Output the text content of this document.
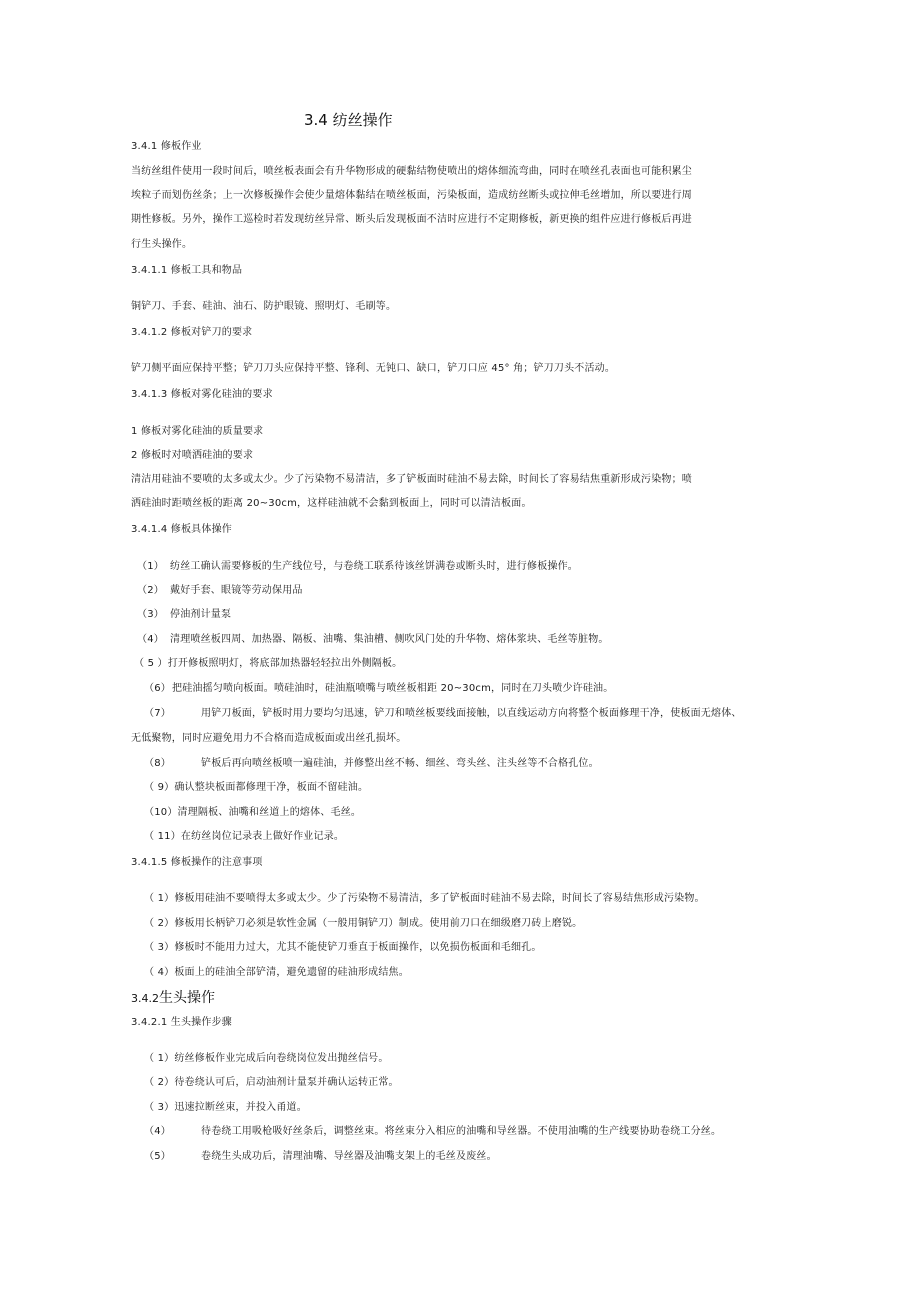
3.4 纺丝操作
3.4.1 修板作业
当纺丝组件使用一段时间后，喷丝板表面会有升华物形成的硬黏结物使喷出的熔体细流弯曲，同时在喷丝孔表面也可能积累尘
埃粒子而划伤丝条；上一次修板操作会使少量熔体黏结在喷丝板面，污染板面，造成纺丝断头或拉伸毛丝增加，所以要进行周
期性修板。另外，操作工巡检时若发现纺丝异常、断头后发现板面不洁时应进行不定期修板，新更换的组件应进行修板后再进
行生头操作。
3.4.1.1 修板工具和物品
铜铲刀、手套、硅油、油石、防护眼镜、照明灯、毛刷等。
3.4.1.2 修板对铲刀的要求
铲刀侧平面应保持平整；铲刀刀头应保持平整、锋利、无钝口、缺口，铲刀口应 45° 角；铲刀刀头不活动。
3.4.1.3 修板对雾化硅油的要求
1 修板对雾化硅油的质量要求
2 修板时对喷洒硅油的要求
清洁用硅油不要喷的太多或太少。少了污染物不易清洁，多了铲板面时硅油不易去除，时间长了容易结焦重新形成污染物；喷
洒硅油时距喷丝板的距离 20~30cm，这样硅油就不会黏到板面上，同时可以清洁板面。
3.4.1.4 修板具体操作
（1） 纺丝工确认需要修板的生产线位号，与卷绕工联系待该丝饼满卷或断头时，进行修板操作。
（2） 戴好手套、眼镜等劳动保用品
（3） 停油剂计量泵
（4） 清理喷丝板四周、加热器、隔板、油嘴、集油槽、侧吹风门处的升华物、熔体浆块、毛丝等脏物。
（ 5 ）打开修板照明灯，将底部加热器轻轻拉出外侧隔板。
（6）把硅油摇匀喷向板面。喷硅油时，硅油瓶喷嘴与喷丝板相距 20~30cm，同时在刀头喷少许硅油。
（7）	用铲刀板面，铲板时用力要均匀迅速，铲刀和喷丝板要线面接触，以直线运动方向将整个板面修理干净，使板面无熔体、
无低聚物，同时应避免用力不合格而造成板面或出丝孔损坏。
（8）	铲板后再向喷丝板喷一遍硅油，并修整出丝不畅、细丝、弯头丝、注头丝等不合格孔位。
（ 9）确认整块板面都修理干净，板面不留硅油。
（10）清理隔板、油嘴和丝道上的熔体、毛丝。
（ 11）在纺丝岗位记录表上做好作业记录。
3.4.1.5 修板操作的注意事项
（ 1）修板用硅油不要喷得太多或太少。少了污染物不易清洁，多了铲板面时硅油不易去除，时间长了容易结焦形成污染物。
（ 2）修板用长柄铲刀必须是软性金属（一般用铜铲刀）制成。使用前刀口在细级磨刀砖上磨锐。
（ 3）修板时不能用力过大，尤其不能使铲刀垂直于板面操作，以免损伤板面和毛细孔。
（ 4）板面上的硅油全部铲清，避免遗留的硅油形成结焦。
3.4.2生头操作
3.4.2.1 生头操作步骤
（ 1）纺丝修板作业完成后向卷绕岗位发出抛丝信号。
（ 2）待卷绕认可后，启动油剂计量泵并确认运转正常。
（ 3）迅速拉断丝束，并投入甬道。
（4）	待卷绕工用吸枪吸好丝条后，调整丝束。将丝束分入相应的油嘴和导丝器。不使用油嘴的生产线要协助卷绕工分丝。
（5）	卷绕生头成功后，清理油嘴、导丝器及油嘴支架上的毛丝及废丝。
